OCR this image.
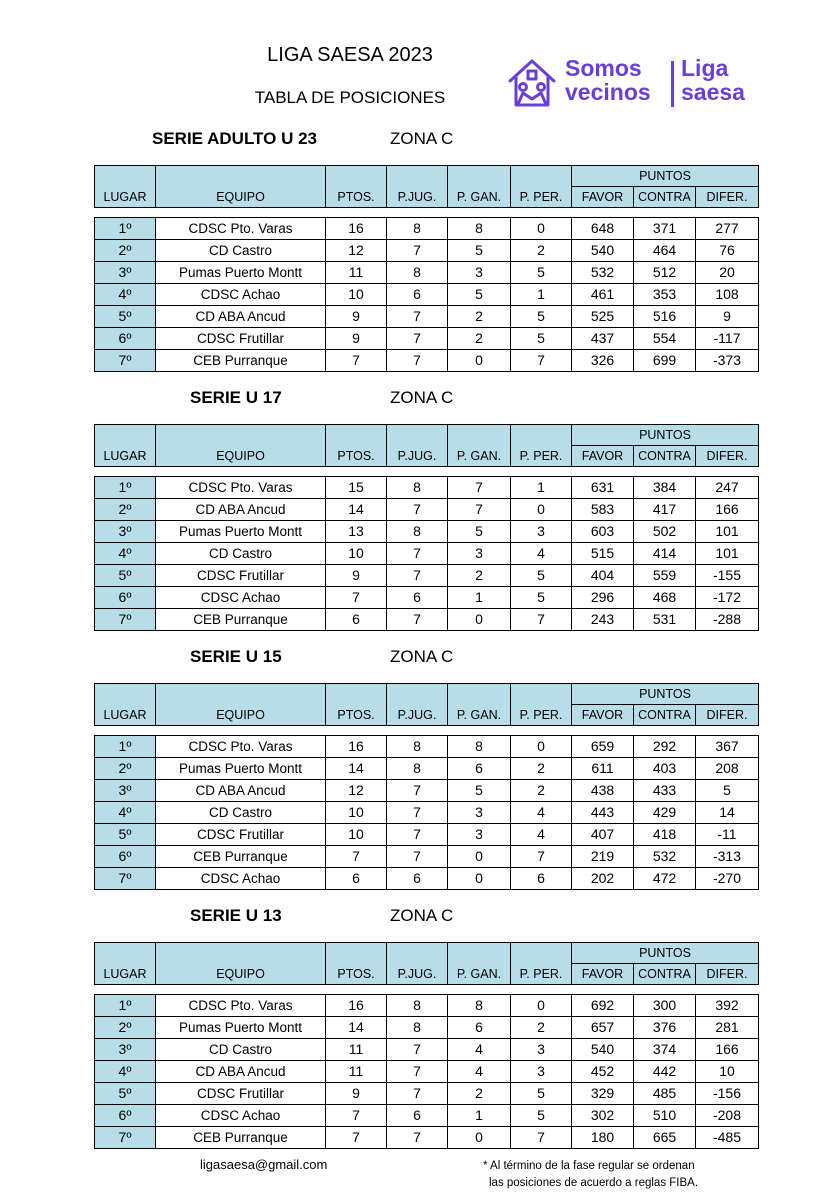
LIGA SAESA 2023
TABLA DE POSICIONES
Somos
vecinos
Liga
saesa
SERIE ADULTO U 23	ZONA C
SERIE U 17	ZONA C
SERIE U 15	ZONA C
SERIE U 13	ZONA C
LUGAR	EQUIPO	PTOS.	P.JUG.	P. GAN.	P. PER.	PUNTOS		
						FAVOR	CONTRA	DIFER.

1º	CDSC Pto. Varas	16	8	8	0	648	371	277
2º	CD Castro	12	7	5	2	540	464	76
3º	Pumas Puerto Montt	11	8	3	5	532	512	20
4º	CDSC Achao	10	6	5	1	461	353	108
5º	CD ABA Ancud	9	7	2	5	525	516	9
6º	CDSC Frutillar	9	7	2	5	437	554	-117
7º	CEB Purranque	7	7	0	7	326	699	-373
LUGAR	EQUIPO	PTOS.	P.JUG.	P. GAN.	P. PER.	PUNTOS		
						FAVOR	CONTRA	DIFER.

1º	CDSC Pto. Varas	15	8	7	1	631	384	247
2º	CD ABA Ancud	14	7	7	0	583	417	166
3º	Pumas Puerto Montt	13	8	5	3	603	502	101
4º	CD Castro	10	7	3	4	515	414	101
5º	CDSC Frutillar	9	7	2	5	404	559	-155
6º	CDSC Achao	7	6	1	5	296	468	-172
7º	CEB Purranque	6	7	0	7	243	531	-288
LUGAR	EQUIPO	PTOS.	P.JUG.	P. GAN.	P. PER.	PUNTOS		
						FAVOR	CONTRA	DIFER.

1º	CDSC Pto. Varas	16	8	8	0	659	292	367
2º	Pumas Puerto Montt	14	8	6	2	611	403	208
3º	CD ABA Ancud	12	7	5	2	438	433	5
4º	CD Castro	10	7	3	4	443	429	14
5º	CDSC Frutillar	10	7	3	4	407	418	-11
6º	CEB Purranque	7	7	0	7	219	532	-313
7º	CDSC Achao	6	6	0	6	202	472	-270
LUGAR	EQUIPO	PTOS.	P.JUG.	P. GAN.	P. PER.	PUNTOS		
						FAVOR	CONTRA	DIFER.

1º	CDSC Pto. Varas	16	8	8	0	692	300	392
2º	Pumas Puerto Montt	14	8	6	2	657	376	281
3º	CD Castro	11	7	4	3	540	374	166
4º	CD ABA Ancud	11	7	4	3	452	442	10
5º	CDSC Frutillar	9	7	2	5	329	485	-156
6º	CDSC Achao	7	6	1	5	302	510	-208
7º	CEB Purranque	7	7	0	7	180	665	-485
ligasaesa@gmail.com	* Al término de la fase regular se ordenan
las posiciones de acuerdo a reglas FIBA.
